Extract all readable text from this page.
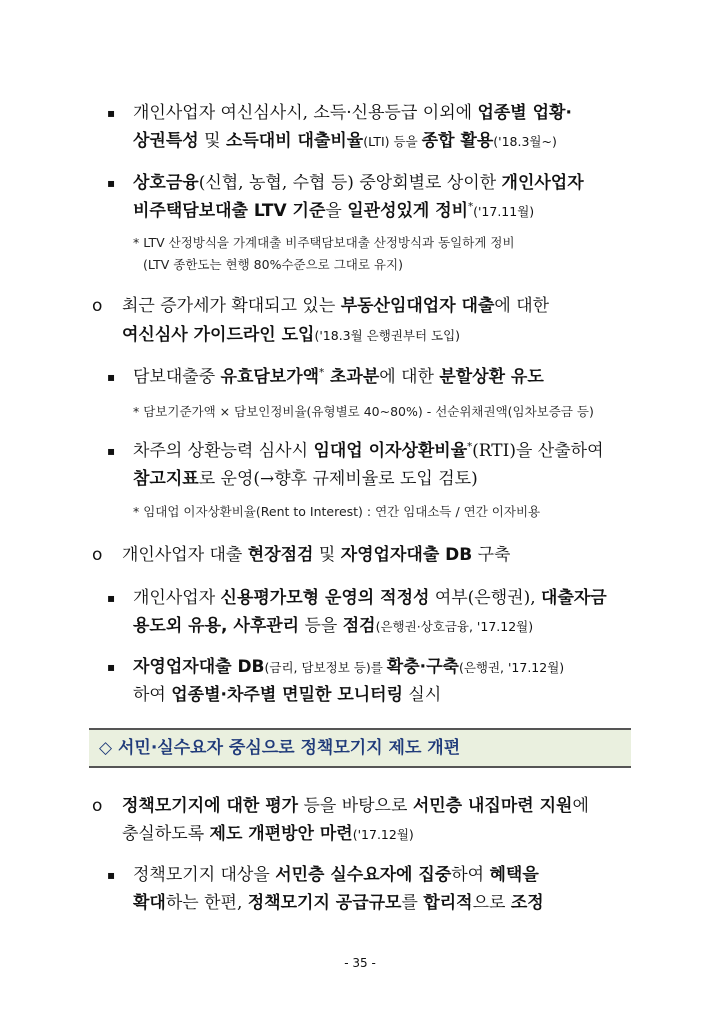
▪ 개인사업자 여신심사시, 소득·신용등급 이외에 업종별 업황·
상권특성 및 소득대비 대출비율(LTI) 등을 종합 활용('18.3월~)
▪ 상호금융(신협, 농협, 수협 등) 중앙회별로 상이한 개인사업자
비주택담보대출 LTV 기준을 일관성있게 정비*('17.11월)
* LTV 산정방식을 가계대출 비주택담보대출 산정방식과 동일하게 정비
(LTV 종한도는 현행 80%수준으로 그대로 유지)
ο 최근 증가세가 확대되고 있는 부동산임대업자 대출에 대한
여신심사 가이드라인 도입('18.3월 은행권부터 도입)
▪ 담보대출중 유효담보가액* 초과분에 대한 분할상환 유도
* 담보기준가액 × 담보인정비율(유형별로 40~80%) - 선순위채권액(임차보증금 등)
▪ 차주의 상환능력 심사시 임대업 이자상환비율*(RTI)을 산출하여
참고지표로 운영(→향후 규제비율로 도입 검토)
* 임대업 이자상환비율(Rent to Interest) : 연간 임대소득 / 연간 이자비용
ο 개인사업자 대출 현장점검 및 자영업자대출 DB 구축
▪ 개인사업자 신용평가모형 운영의 적정성 여부(은행권), 대출자금
용도외 유용, 사후관리 등을 점검(은행권·상호금융, '17.12월)
▪ 자영업자대출 DB(금리, 담보정보 등)를 확충·구축(은행권, '17.12월)
하여 업종별·차주별 면밀한 모니터링 실시
◇ 서민·실수요자 중심으로 정책모기지 제도 개편
ο 정책모기지에 대한 평가 등을 바탕으로 서민층 내집마련 지원에
충실하도록 제도 개편방안 마련('17.12월)
▪ 정책모기지 대상을 서민층 실수요자에 집중하여 혜택을
확대하는 한편, 정책모기지 공급규모를 합리적으로 조정
- 35 -
